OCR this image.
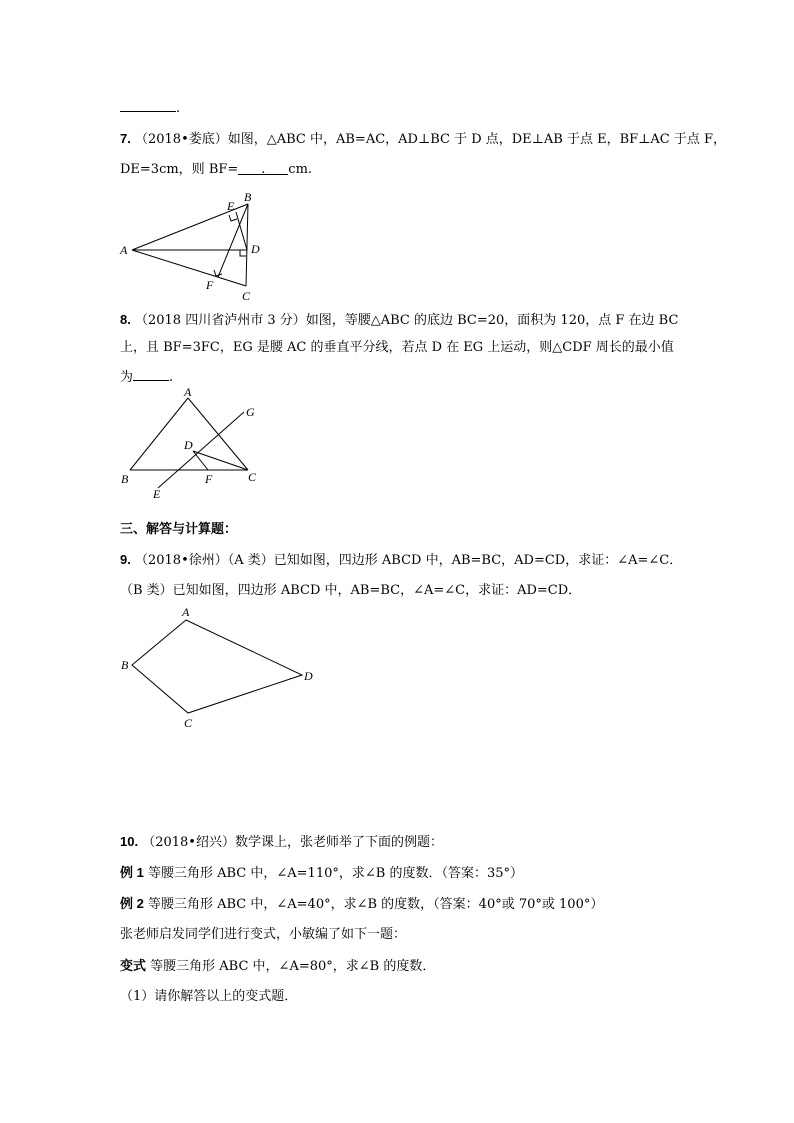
.
7. （2018•娄底）如图，△ABC 中，AB=AC，AD⊥BC 于 D 点，DE⊥AB 于点 E，BF⊥AC 于点 F，
DE=3cm，则 BF= . cm.
A
B
C
D
E
F
8. （2018 四川省泸州市 3 分）如图，等腰△ABC 的底边 BC=20，面积为 120，点 F 在边 BC
上，且 BF=3FC，EG 是腰 AC 的垂直平分线，若点 D 在 EG 上运动，则△CDF 周长的最小值
为	.
A
B	C
D
E
F
G
三、解答与计算题：
9. （2018•徐州）（A 类）已知如图，四边形 ABCD 中，AB=BC，AD=CD，求证：∠A=∠C．
（B 类）已知如图，四边形 ABCD 中，AB=BC，∠A=∠C，求证：AD=CD．
A
B
C
D
10. （2018•绍兴）数学课上，张老师举了下面的例题：
例 1 等腰三角形 ABC 中，∠A=110°，求∠B 的度数．（答案：35°）
例 2 等腰三角形 ABC 中，∠A=40°，求∠B 的度数，（答案：40°或 70°或 100°）
张老师启发同学们进行变式，小敏编了如下一题：
变式 等腰三角形 ABC 中，∠A=80°，求∠B 的度数．
（1）请你解答以上的变式题．
